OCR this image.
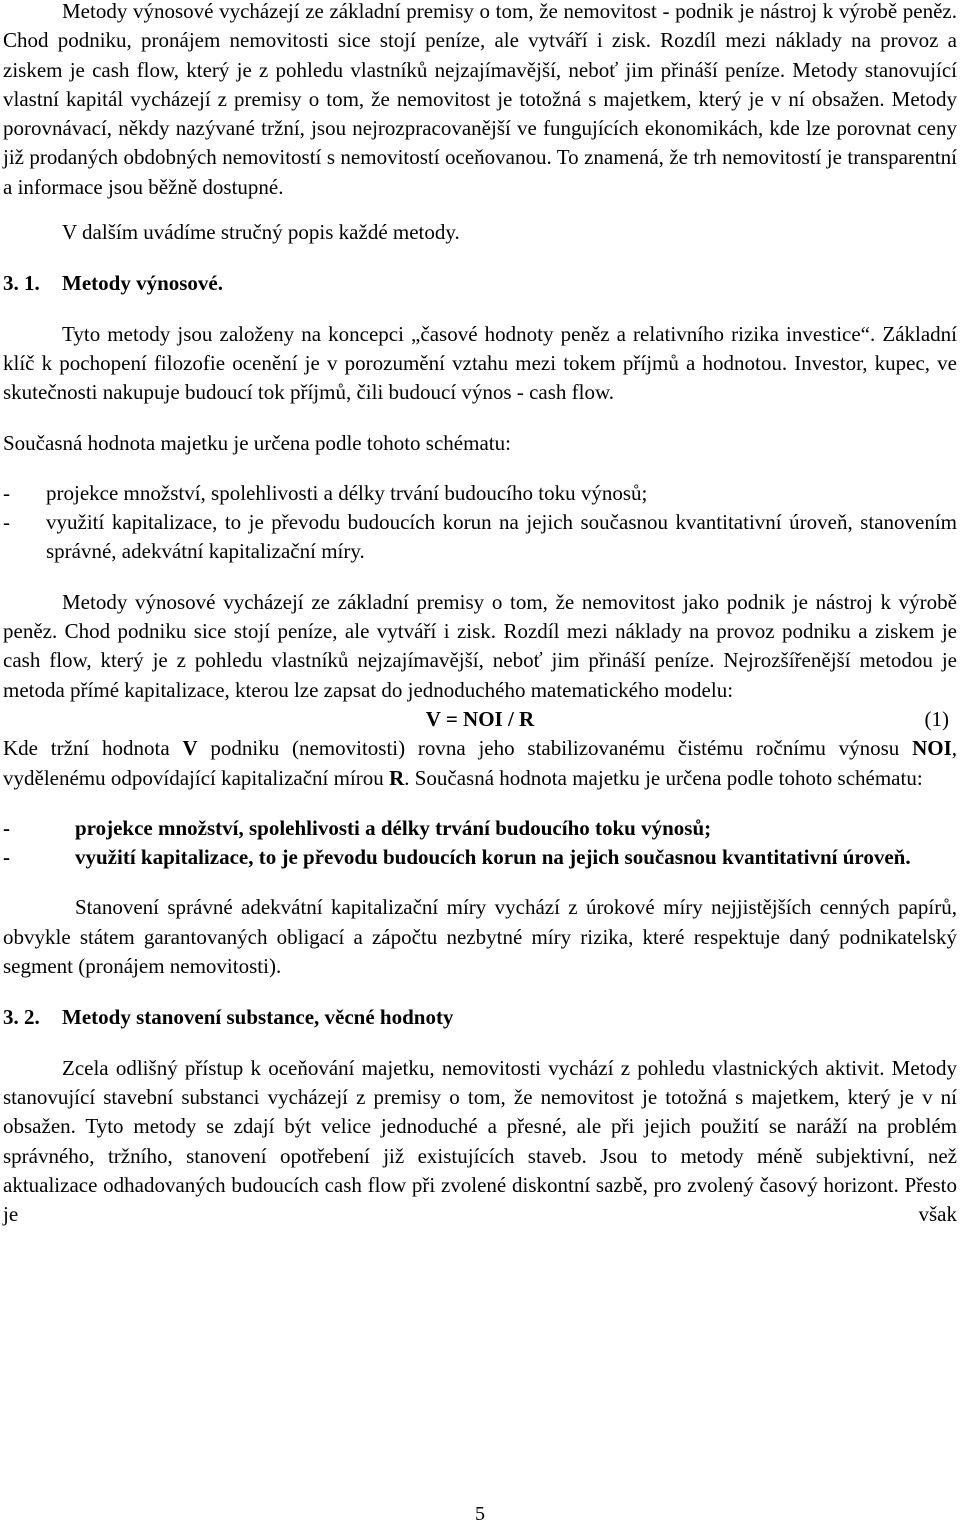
Metody výnosové vycházejí ze základní premisy o tom, že nemovitost - podnik je nástroj k výrobě peněz. Chod podniku, pronájem nemovitosti sice stojí peníze, ale vytváří i zisk. Rozdíl mezi náklady na provoz a ziskem je cash flow, který je z pohledu vlastníků nejzajímavější, neboť jim přináší peníze. Metody stanovující vlastní kapitál vycházejí z premisy o tom, že nemovitost je totožná s majetkem, který je v ní obsažen. Metody porovnávací, někdy nazývané tržní, jsou nejrozpracovanější ve fungujících ekonomikách, kde lze porovnat ceny již prodaných obdobných nemovitostí s nemovitostí oceňovanou. To znamená, že trh nemovitostí je transparentní a informace jsou běžně dostupné.

V dalším uvádíme stručný popis každé metody.

3. 1. Metody výnosové.

Tyto metody jsou založeny na koncepci „časové hodnoty peněz a relativního rizika investice“. Základní klíč k pochopení filozofie ocenění je v porozumění vztahu mezi tokem příjmů a hodnotou. Investor, kupec, ve skutečnosti nakupuje budoucí tok příjmů, čili budoucí výnos - cash flow.

Současná hodnota majetku je určena podle tohoto schématu:

- projekce množství, spolehlivosti a délky trvání budoucího toku výnosů;
- využití kapitalizace, to je převodu budoucích korun na jejich současnou kvantitativní úroveň, stanovením správné, adekvátní kapitalizační míry.

Metody výnosové vycházejí ze základní premisy o tom, že nemovitost jako podnik je nástroj k výrobě peněz. Chod podniku sice stojí peníze, ale vytváří i zisk. Rozdíl mezi náklady na provoz podniku a ziskem je cash flow, který je z pohledu vlastníků nejzajímavější, neboť jim přináší peníze. Nejrozšířenější metodou je metoda přímé kapitalizace, kterou lze zapsat do jednoduchého matematického modelu:

V = NOI / R	(1)

Kde tržní hodnota V podniku (nemovitosti) rovna jeho stabilizovanému čistému ročnímu výnosu NOI, vydělenému odpovídající kapitalizační mírou R. Současná hodnota majetku je určena podle tohoto schématu:

-	projekce množství, spolehlivosti a délky trvání budoucího toku výnosů;
-	využití kapitalizace, to je převodu budoucích korun na jejich současnou kvantitativní úroveň.

Stanovení správné adekvátní kapitalizační míry vychází z úrokové míry nejjistějších cenných papírů, obvykle státem garantovaných obligací a zápočtu nezbytné míry rizika, které respektuje daný podnikatelský segment (pronájem nemovitosti).

3. 2. Metody stanovení substance, věcné hodnoty

Zcela odlišný přístup k oceňování majetku, nemovitosti vychází z pohledu vlastnických aktivit. Metody stanovující stavební substanci vycházejí z premisy o tom, že nemovitost je totožná s majetkem, který je v ní obsažen. Tyto metody se zdají být velice jednoduché a přesné, ale při jejich použití se naráží na problém správného, tržního, stanovení opotřebení již existujících staveb. Jsou to metody méně subjektivní, než aktualizace odhadovaných budoucích cash flow při zvolené diskontní sazbě, pro zvolený časový horizont. Přesto je však

5
